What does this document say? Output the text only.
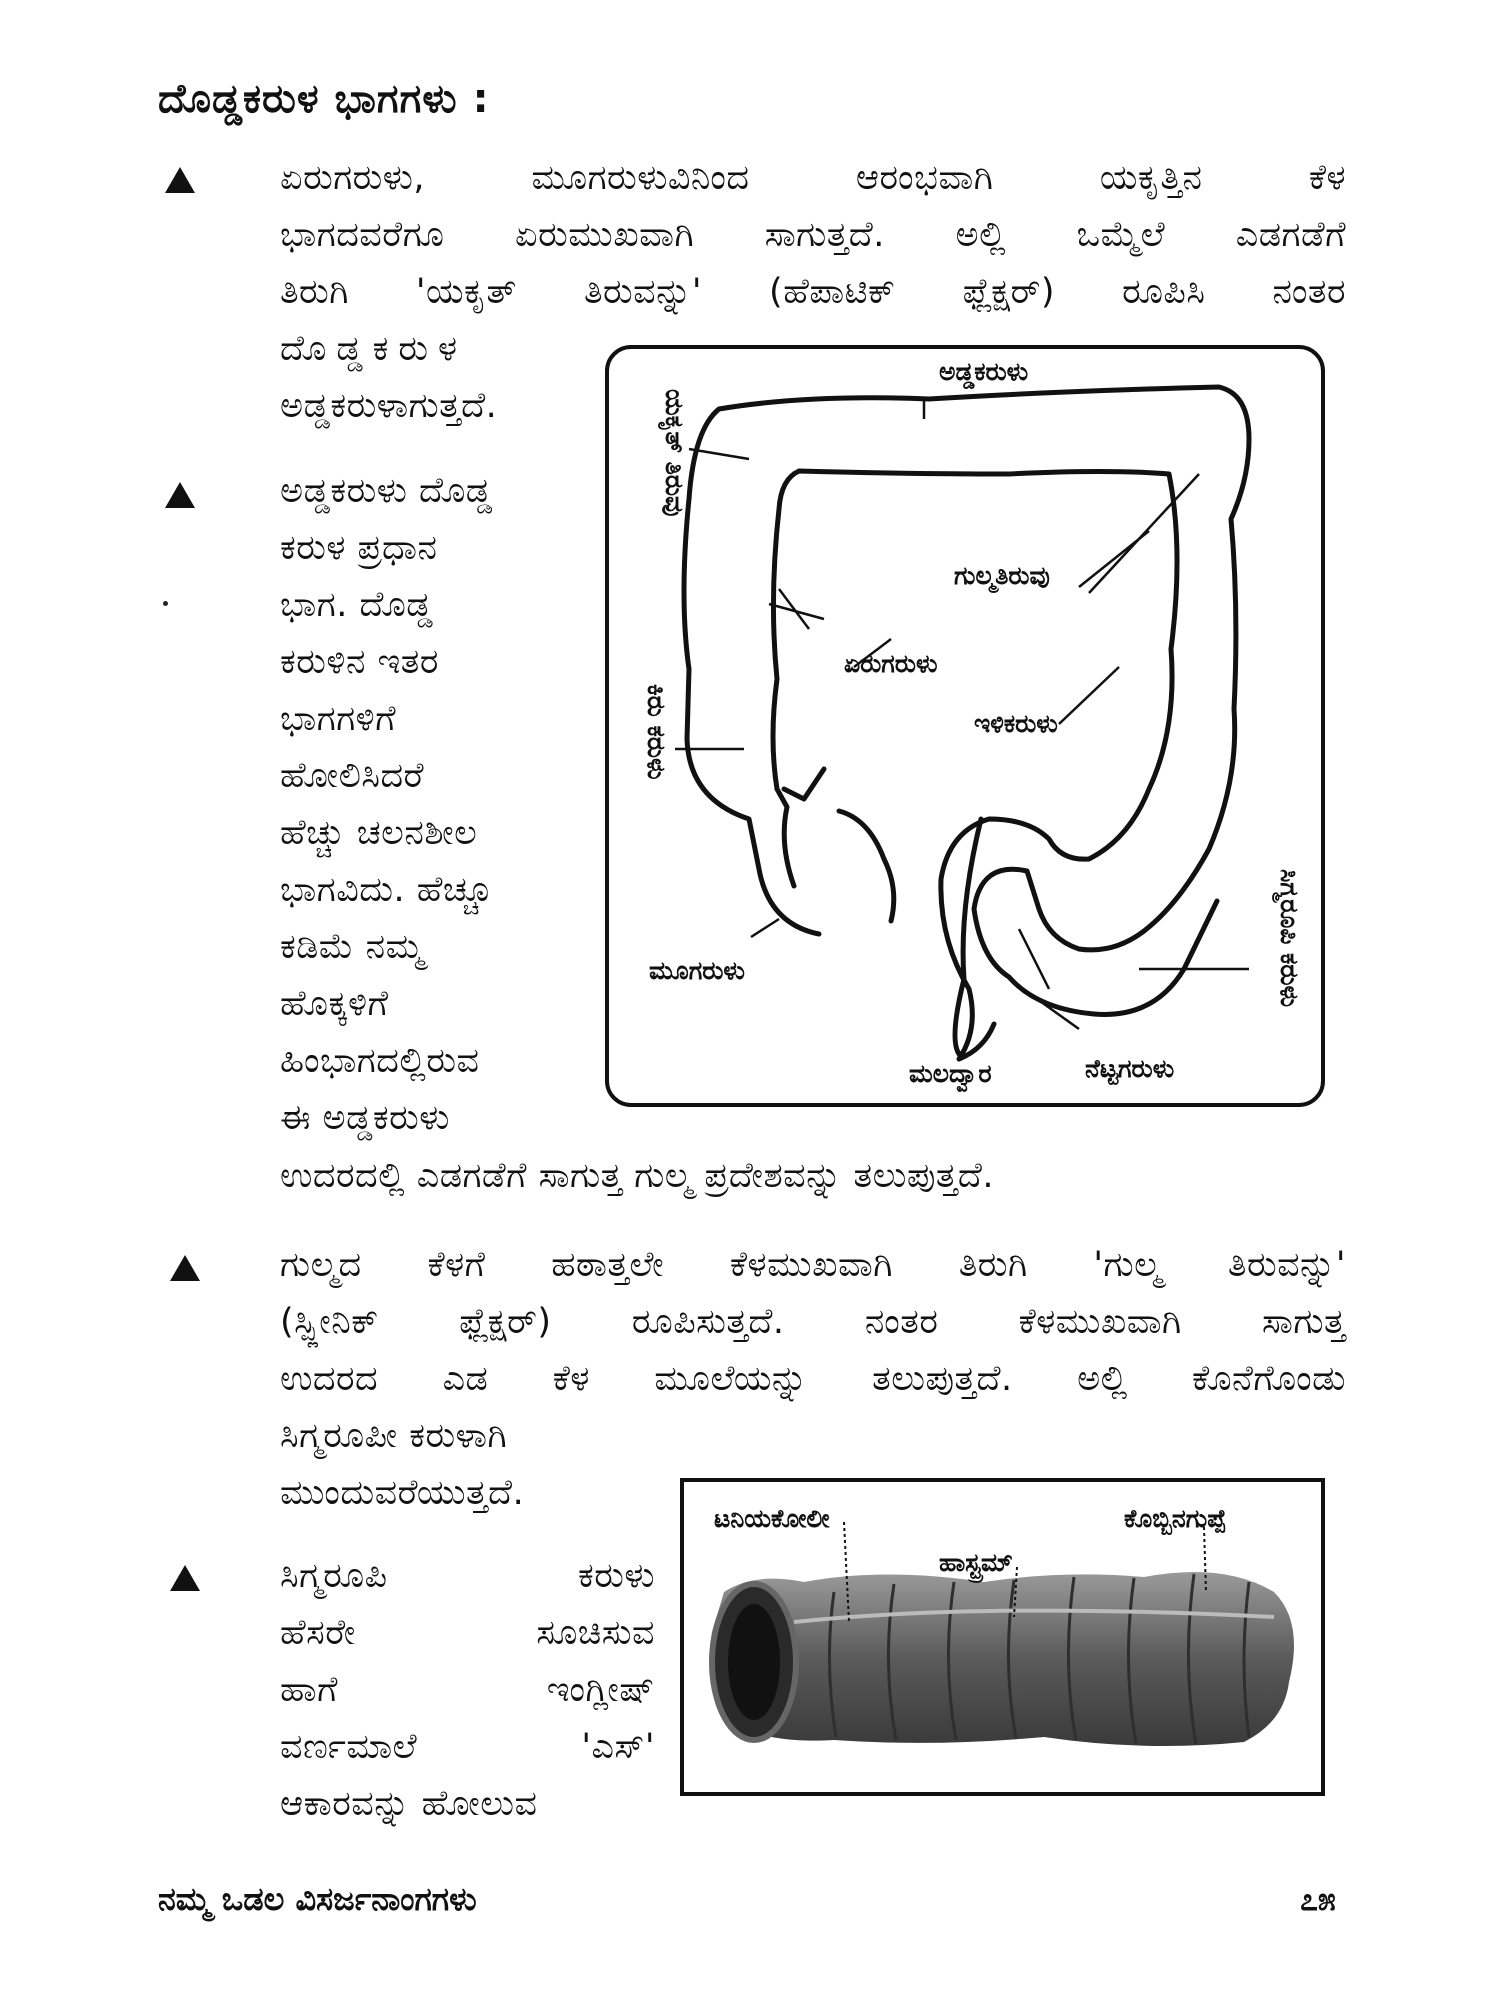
ದೊಡ್ಡಕರುಳ ಭಾಗಗಳು :
ಏರುಗರುಳು, ಮೂಗರುಳುವಿನಿಂದ ಆರಂಭವಾಗಿ ಯಕೃತ್ತಿನ ಕೆಳ
ಭಾಗದವರೆಗೂ ಏರುಮುಖವಾಗಿ ಸಾಗುತ್ತದೆ. ಅಲ್ಲಿ ಒಮ್ಮೆಲೆ ಎಡಗಡೆಗೆ
ತಿರುಗಿ 'ಯಕೃತ್ ತಿರುವನ್ನು' (ಹೆಪಾಟಿಕ್ ಫ್ಲೆಕ್ಷರ್) ರೂಪಿಸಿ ನಂತರ
ದೊಡ್ಡಕರುಳ
ಅಡ್ಡಕರುಳಾಗುತ್ತದೆ.
ಅಡ್ಡಕರುಳು ದೊಡ್ಡ
ಕರುಳ ಪ್ರಧಾನ
ಭಾಗ. ದೊಡ್ಡ
ಕರುಳಿನ ಇತರ
ಭಾಗಗಳಿಗೆ
ಹೋಲಿಸಿದರೆ
ಹೆಚ್ಚು ಚಲನಶೀಲ
ಭಾಗವಿದು. ಹೆಚ್ಚೂ
ಕಡಿಮೆ ನಮ್ಮ
ಹೊಕ್ಕಳಿಗೆ
ಹಿಂಭಾಗದಲ್ಲಿರುವ
ಈ ಅಡ್ಡಕರುಳು
ಉದರದಲ್ಲಿ ಎಡಗಡೆಗೆ ಸಾಗುತ್ತ ಗುಲ್ಮ ಪ್ರದೇಶವನ್ನು ತಲುಪುತ್ತದೆ.
ಗುಲ್ಮದ ಕೆಳಗೆ ಹಠಾತ್ತಲೇ ಕೆಳಮುಖವಾಗಿ ತಿರುಗಿ 'ಗುಲ್ಮ ತಿರುವನ್ನು'
(ಸ್ಪ್ಲೀನಿಕ್ ಫ್ಲೆಕ್ಷರ್) ರೂಪಿಸುತ್ತದೆ. ನಂತರ ಕೆಳಮುಖವಾಗಿ ಸಾಗುತ್ತ
ಉದರದ ಎಡ ಕೆಳ ಮೂಲೆಯನ್ನು ತಲುಪುತ್ತದೆ. ಅಲ್ಲಿ ಕೊನೆಗೊಂಡು
ಸಿಗ್ಮರೂಪೀ ಕರುಳಾಗಿ
ಮುಂದುವರೆಯುತ್ತದೆ.
ಸಿಗ್ಮರೂಪಿ ಕರುಳು
ಹೆಸರೇ ಸೂಚಿಸುವ
ಹಾಗೆ ಇಂಗ್ಲೀಷ್
ವರ್ಣಮಾಲೆ 'ಎಸ್'
ಆಕಾರವನ್ನು ಹೋಲುವ
ಅಡ್ಡಕರುಳು
ಯಕೃತ್ ತಿರುವು
ಗುಲ್ಮತಿರುವು
ಏರುಗರುಳು
ಇಳಿಕರುಳು
ಕಿರು ಕರುಳು
ಮೂಗರುಳು	ಸಿಗ್ಮರೂಪಿ ಕರುಳು
ಮಲದ್ವಾರ	ನೆಟ್ಟಗರುಳು
ಟನಿಯಕೋಲೀ
ಹಾಸ್ಟ್ರಮ್
ಕೊಬ್ಬಿನಗುಪ್ಪೆ
ನಮ್ಮ ಒಡಲ ವಿಸರ್ಜನಾಂಗಗಳು	೭೫
